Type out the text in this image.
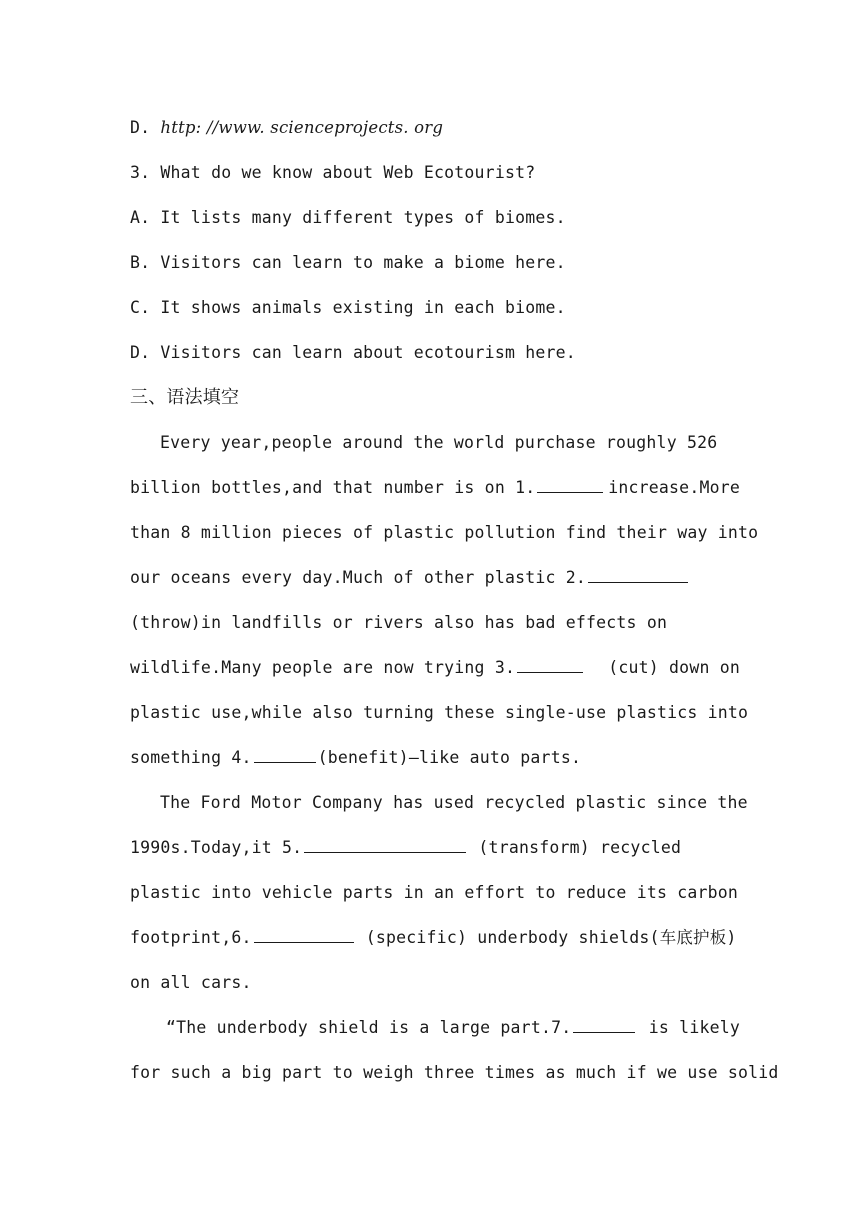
D. http: //www. scienceprojects. org
3. What do we know about Web Ecotourist?
A. It lists many different types of biomes.
B. Visitors can learn to make a biome here.
C. It shows animals existing in each biome.
D. Visitors can learn about ecotourism here.
三、语法填空
Every year,people around the world purchase roughly 526
billion bottles,and that number is on 1.	increase.More
than 8 million pieces of plastic pollution find their way into
our oceans every day.Much of other plastic 2.
(throw)in landfills or rivers also has bad effects on
wildlife.Many people are now trying 3.	(cut) down on
plastic use,while also turning these single-use plastics into
something 4.	(benefit)—like auto parts.
The Ford Motor Company has used recycled plastic since the
1990s.Today,it 5.	(transform) recycled
plastic into vehicle parts in an effort to reduce its carbon
footprint,6.	(specific) underbody shields(车底护板)
on all cars.
“The underbody shield is a large part.7.	is likely
for such a big part to weigh three times as much if we use solid
